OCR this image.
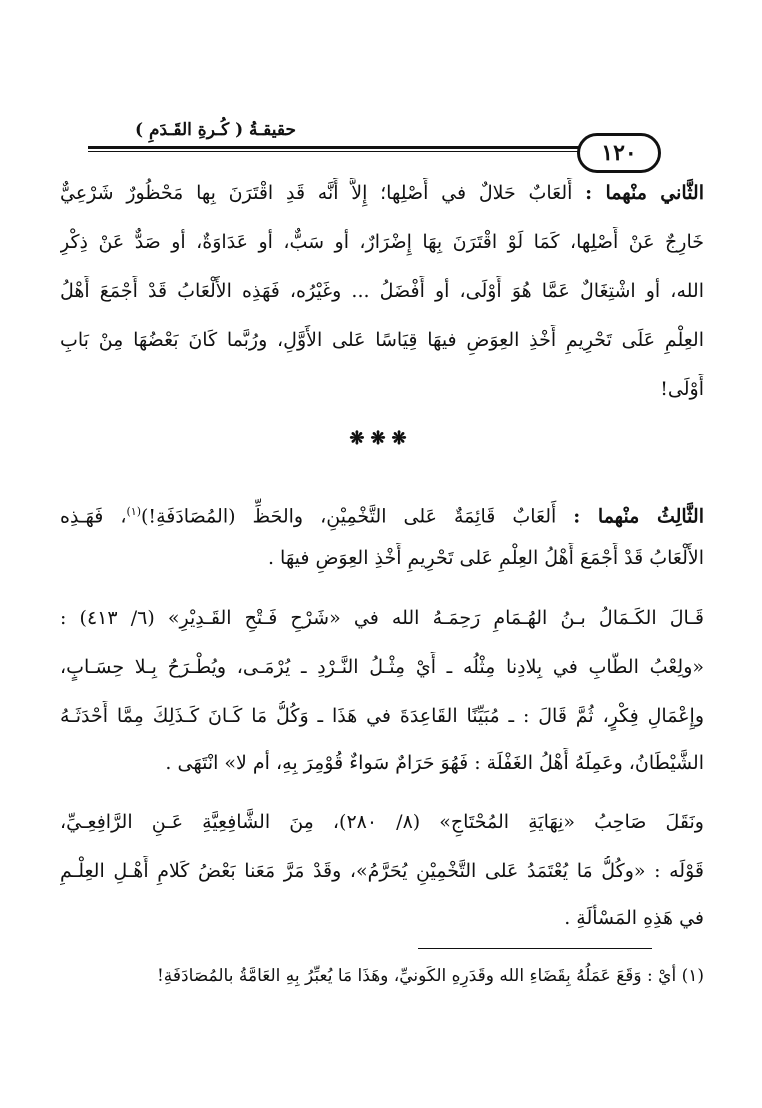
حقيقـةُ ( كُـرةِ القَـدَمِ )
١٢٠
الثَّاني منْهما : أَلعَابٌ حَلالٌ في أَصْلِها؛ إِلاَّ أَنَّه قَدِ اقْتَرَنَ بِها مَحْظُورٌ شَرْعِيٌّ
خَارِجٌ عَنْ أَصْلِها، كَمَا لَوْ اقْتَرَنَ بِهَا إِضْرَارٌ، أو سَبٌّ، أو عَدَاوَةٌ، أو صَدٌّ عَنْ ذِكْرِ
الله، أو اشْتِغَالٌ عَمَّا هُوَ أَوْلَى، أو أَفْضَلُ ... وغَيْرُه، فَهَذِه الأَلْعَابُ قَدْ أَجْمَعَ أَهْلُ
العِلْمِ عَلَى تَحْرِيمِ أَخْذِ العِوَضِ فيهَا قِيَاسًا عَلى الأَوَّلِ، ورُبَّما كَانَ بَعْضُهَا مِنْ بَابِ
أَوْلَى!
❋❋❋
الثَّالِثُ منْهما : أَلعَابٌ قَائِمَةٌ عَلى التَّخْمِيْنِ، والحَظِّ (المُصَادَفَةِ!)$^{(١)}$، فَهَـذِه
الأَلْعَابُ قَدْ أَجْمَعَ أَهْلُ العِلْمِ عَلى تَحْرِيمِ أَخْذِ العِوَضِ فيهَا .
قَـالَ الكَـمَالُ بـنُ الهُـمَامِ رَحِمَـهُ الله في «شَرْحِ فَـتْحِ القَـدِيْرِ» (٦/ ٤١٣) :
«ولِعْبُ الطَّابِ في بِلادِنا مِثْلُه ـ أَيْ مِثْـلُ النَّـرْدِ ـ يُرْمَـى، ويُطْـرَحُ بِـلا حِسَـابٍ،
وإِعْمَالِ فِكْرٍ، ثُمَّ قَالَ : ـ مُبَيِّنًا القَاعِدَةَ في هَذَا ـ وَكُلُّ مَا كَـانَ كَـذَلِكَ مِمَّا أَحْدَثَـهُ
الشَّيْطَانُ، وعَمِلَهُ أَهْلُ الغَفْلَة : فَهُوَ حَرَامٌ سَواءٌ قُوْمِرَ بِهِ، أم لا» انْتَهَى .
ونَقَلَ صَاحِبُ «نِهَايَةِ المُحْتَاجِ» (٨/ ٢٨٠)، مِنَ الشَّافِعِيَّةِ عَـنِ الرَّافِعِـيِّ،
قَوْلَه : «وكُلُّ مَا يُعْتَمَدُ عَلى التَّخْمِيْنِ يُحَرَّمُ»، وقَدْ مَرَّ مَعَنا بَعْضُ كَلامِ أَهْـلِ العِلْـمِ
في هَذِهِ المَسْأَلَةِ .
(١) أيْ : وَقَعَ عَمَلُهُ بِقَضَاءِ الله وقَدَرِهِ الكَونيِّ، وهَذَا مَا يُعبِّرُ بِهِ العَامَّةُ بالمُصَادَفَةِ!
